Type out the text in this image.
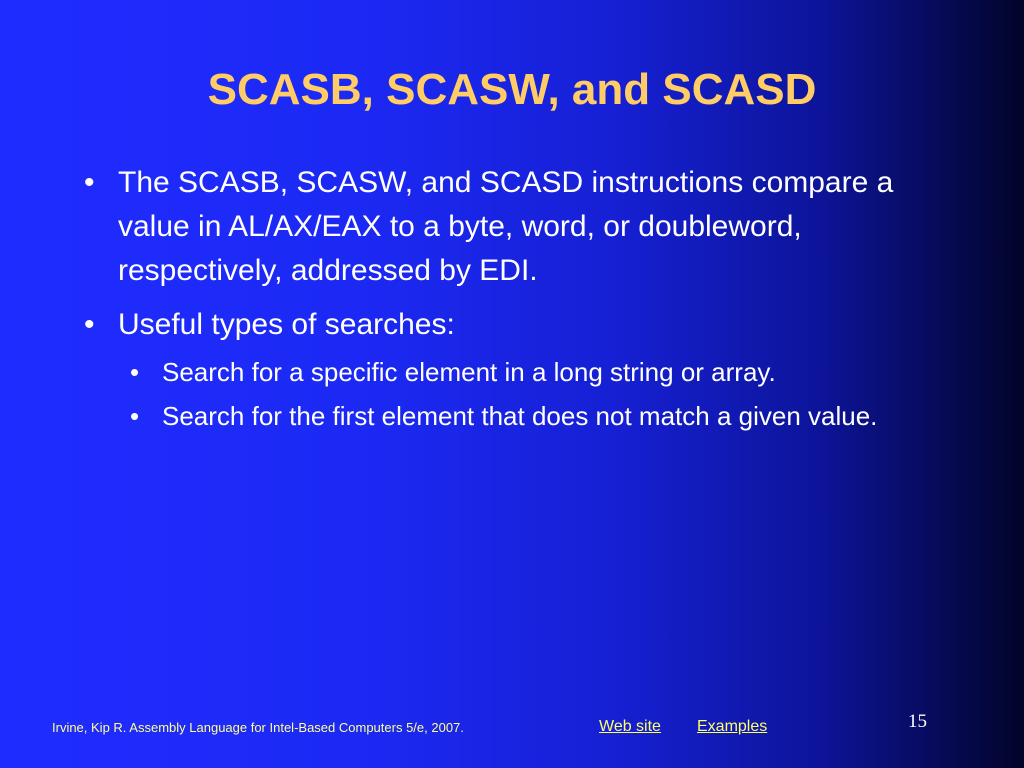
SCASB, SCASW, and SCASD
• The SCASB, SCASW, and SCASD instructions compare a value in AL/AX/EAX to a byte, word, or doubleword, respectively, addressed by EDI.
• Useful types of searches:
• Search for a specific element in a long string or array.
• Search for the first element that does not match a given value.
Irvine, Kip R. Assembly Language for Intel-Based Computers 5/e, 2007.	Web site Examples	15
